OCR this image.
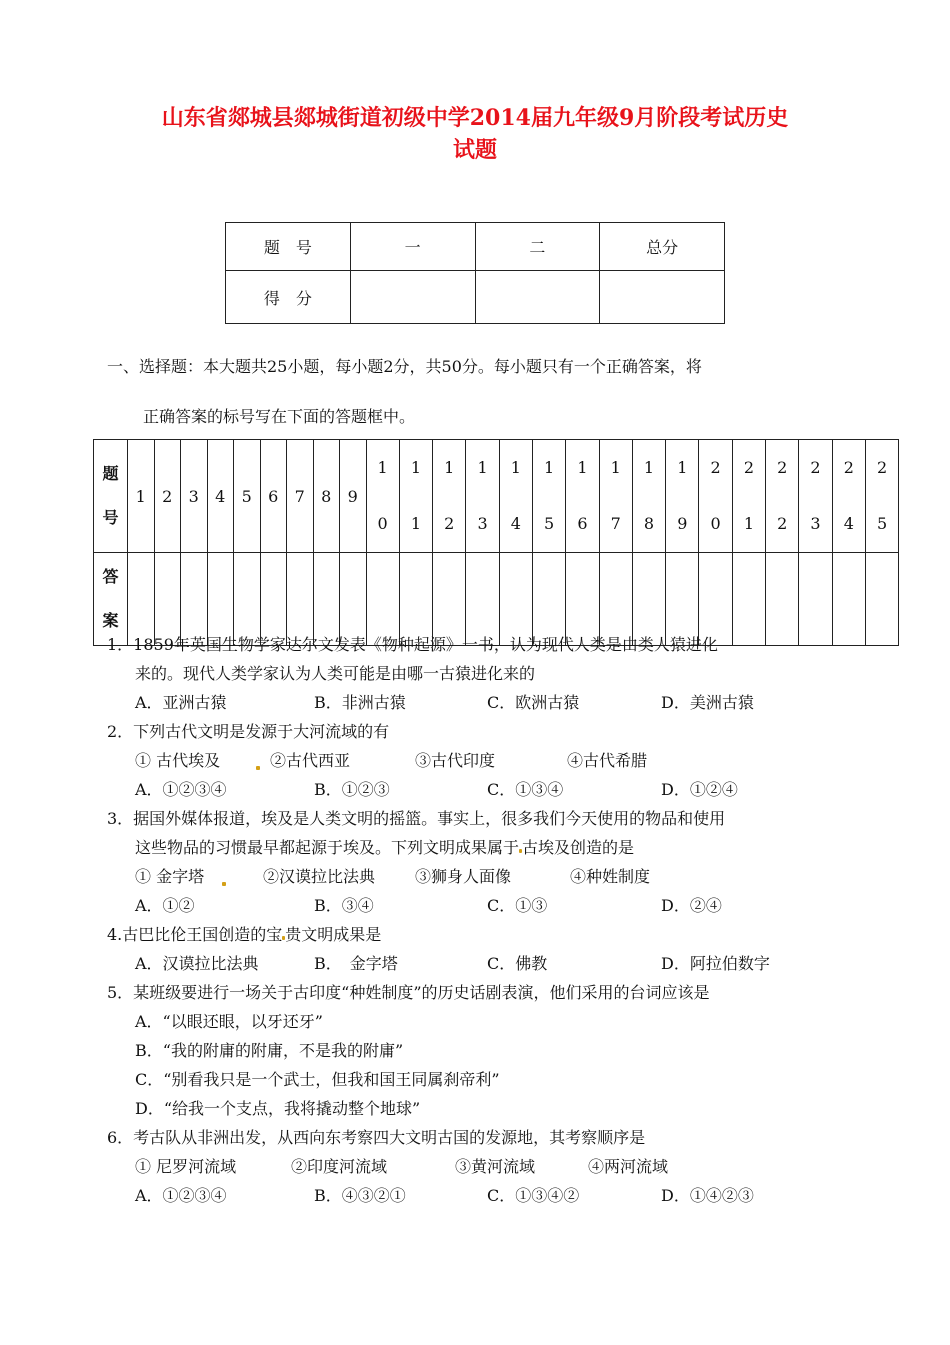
山东省郯城县郯城街道初级中学2014届九年级9月阶段考试历史
试题
题　号	一	二	总分
得　分			
一、选择题：本大题共25小题，每小题2分，共50分。每小题只有一个正确答案，将
正确答案的标号写在下面的答题框中。
题号	1	2	3	4	5	6	7	8	9	10	11	12	13	14	15	16	17	18	19	20	21	22	23	24	25

答案																									

1．1859年英国生物学家达尔文发表《物种起源》一书，认为现代人类是由类人猿进化
来的。现代人类学家认为人类可能是由哪一古猿进化来的
A．亚洲古猿	B．非洲古猿	C．欧洲古猿	D．美洲古猿
2．下列古代文明是发源于大河流域的有
① 古代埃及	②古代西亚	③古代印度	④古代希腊
A．①②③④	B．①②③	C．①③④	D．①②④
3．据国外媒体报道，埃及是人类文明的摇篮。事实上，很多我们今天使用的物品和使用
这些物品的习惯最早都起源于埃及。下列文明成果属于 古埃及创造的是
① 金字塔	②汉谟拉比法典 ③狮身人面像	④种姓制度
A．①②	B．③④	C．①③	D．②④
4.古巴比伦王国创造的宝 贵文明成果是
A．汉谟拉比法典	B．　金字塔	C．佛教	D．阿拉伯数字
5．某班级要进行一场关于古印度“种姓制度”的历史话剧表演，他们采用的台词应该是
A．“以眼还眼，以牙还牙”
B．“我的附庸的附庸，不是我的附庸”
C．“别看我只是一个武士，但我和国王同属刹帝利”
D．“给我一个支点，我将撬动整个地球”
6．考古队从非洲出发，从西向东考察四大文明古国的发源地，其考察顺序是
① 尼罗河流域	②印度河流域	③黄河流域	④两河流域
A．①②③④	B．④③②①	C．①③④②	D．①④②③
